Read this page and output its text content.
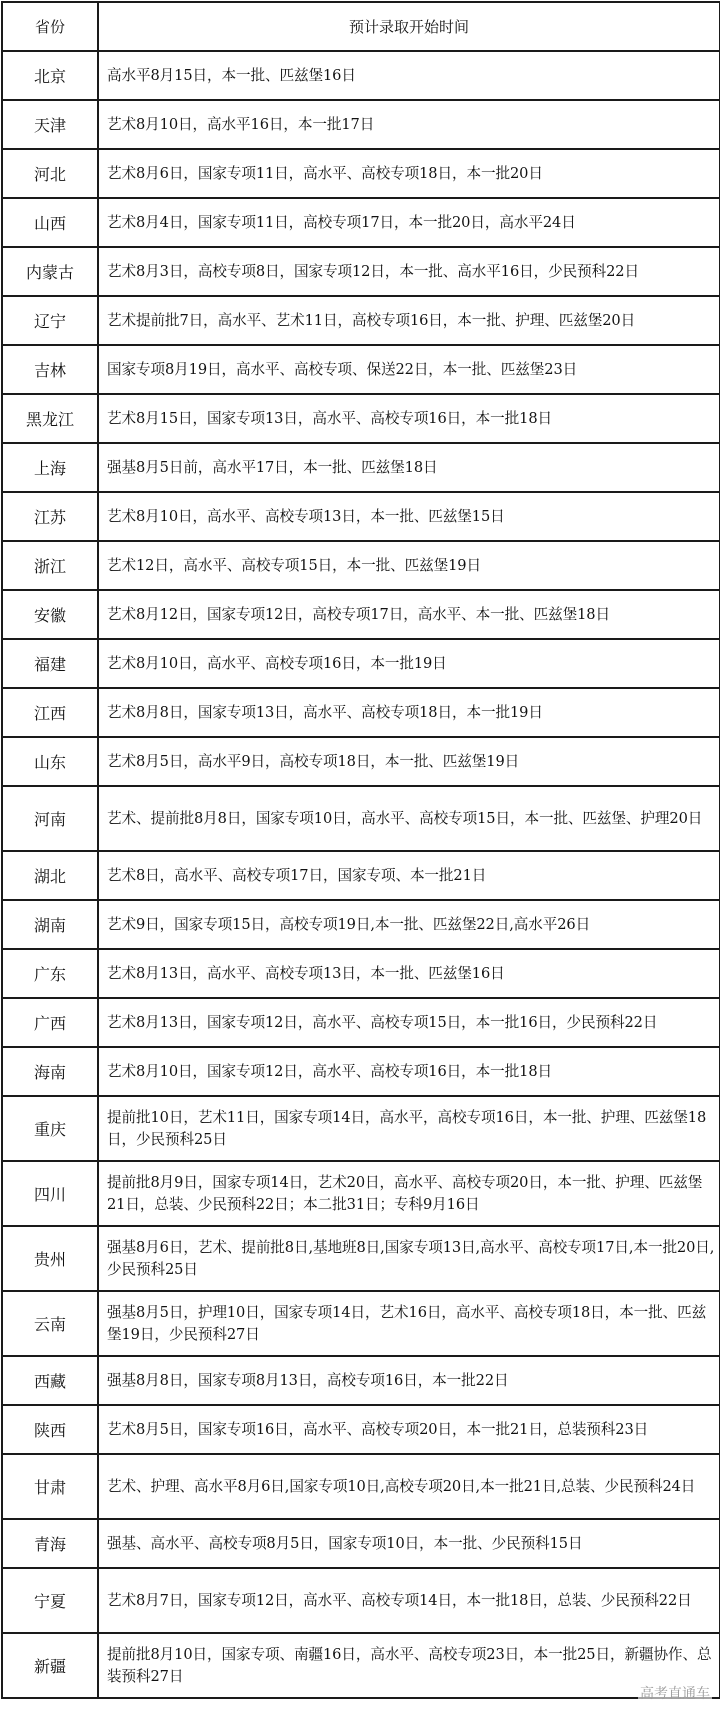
省份	预计录取开始时间
北京	高水平8月15日，本一批、匹兹堡16日
天津	艺术8月10日，高水平16日，本一批17日
河北	艺术8月6日，国家专项11日，高水平、高校专项18日，本一批20日
山西	艺术8月4日，国家专项11日，高校专项17日，本一批20日，高水平24日
内蒙古	艺术8月3日，高校专项8日，国家专项12日，本一批、高水平16日，少民预科22日
辽宁	艺术提前批7日，高水平、艺术11日，高校专项16日，本一批、护理、匹兹堡20日
吉林	国家专项8月19日，高水平、高校专项、保送22日，本一批、匹兹堡23日
黑龙江	艺术8月15日，国家专项13日，高水平、高校专项16日，本一批18日
上海	强基8月5日前，高水平17日，本一批、匹兹堡18日
江苏	艺术8月10日，高水平、高校专项13日，本一批、匹兹堡15日
浙江	艺术12日，高水平、高校专项15日，本一批、匹兹堡19日
安徽	艺术8月12日，国家专项12日，高校专项17日，高水平、本一批、匹兹堡18日
福建	艺术8月10日，高水平、高校专项16日，本一批19日
江西	艺术8月8日，国家专项13日，高水平、高校专项18日，本一批19日
山东	艺术8月5日，高水平9日，高校专项18日，本一批、匹兹堡19日
河南	艺术、提前批8月8日，国家专项10日，高水平、高校专项15日，本一批、匹兹堡、护理20日
湖北	艺术8日，高水平、高校专项17日，国家专项、本一批21日
湖南	艺术9日，国家专项15日，高校专项19日,本一批、匹兹堡22日,高水平26日
广东	艺术8月13日，高水平、高校专项13日，本一批、匹兹堡16日
广西	艺术8月13日，国家专项12日，高水平、高校专项15日，本一批16日，少民预科22日
海南	艺术8月10日，国家专项12日，高水平、高校专项16日，本一批18日
重庆	提前批10日，艺术11日，国家专项14日，高水平，高校专项16日，本一批、护理、匹兹堡18日，少民预科25日
四川	提前批8月9日，国家专项14日，艺术20日，高水平、高校专项20日，本一批、护理、匹兹堡21日，总装、少民预科22日；本二批31日；专科9月16日
贵州	强基8月6日，艺术、提前批8日,基地班8日,国家专项13日,高水平、高校专项17日,本一批20日,少民预科25日
云南	强基8月5日，护理10日，国家专项14日，艺术16日，高水平、高校专项18日，本一批、匹兹堡19日，少民预科27日
西藏	强基8月8日，国家专项8月13日，高校专项16日，本一批22日
陕西	艺术8月5日，国家专项16日，高水平、高校专项20日，本一批21日，总装预科23日
甘肃	艺术、护理、高水平8月6日,国家专项10日,高校专项20日,本一批21日,总装、少民预科24日
青海	强基、高水平、高校专项8月5日，国家专项10日，本一批、少民预科15日
宁夏	艺术8月7日，国家专项12日，高水平、高校专项14日，本一批18日，总装、少民预科22日
新疆	提前批8月10日，国家专项、南疆16日，高水平、高校专项23日，本一批25日，新疆协作、总装预科27日
高考直通车
